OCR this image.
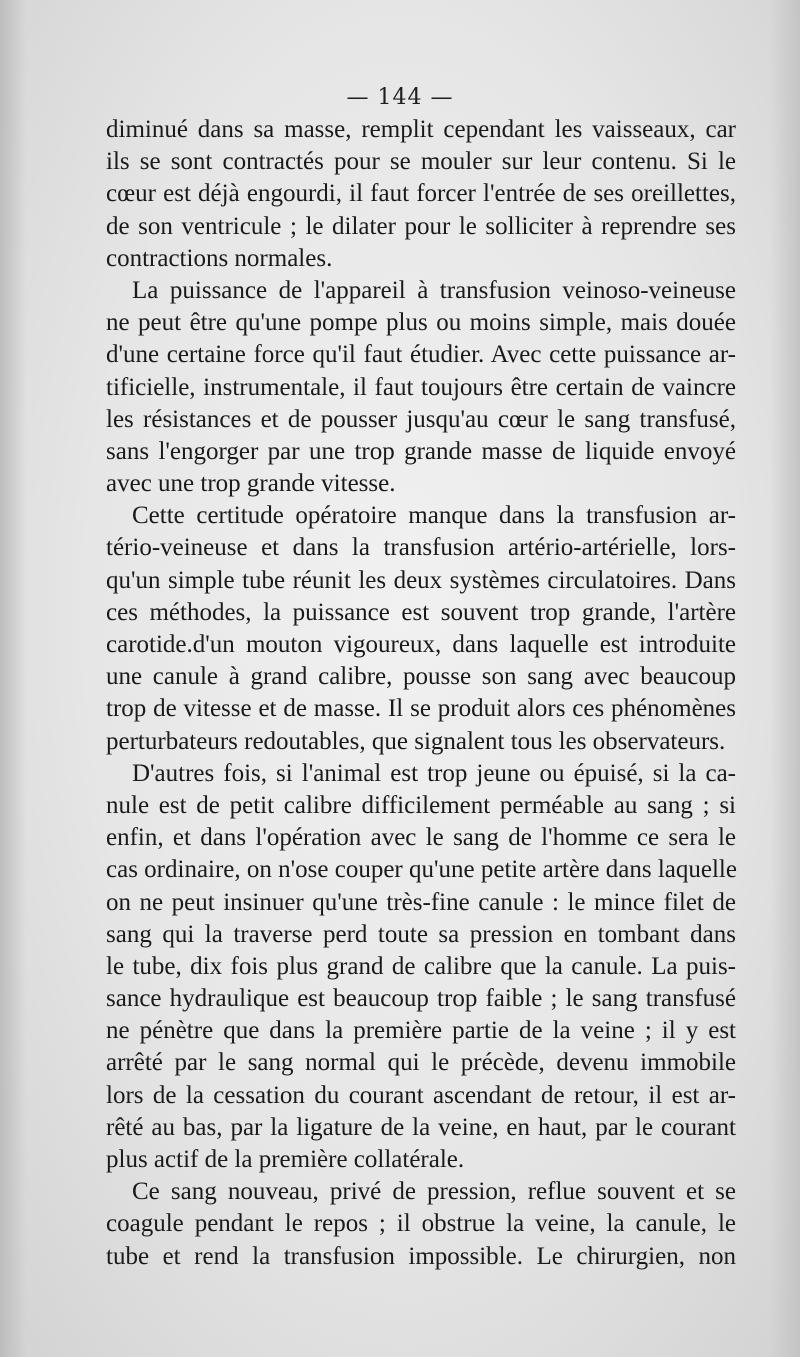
— 144 —
diminué dans sa masse, remplit cependant les vaisseaux, car
ils se sont contractés pour se mouler sur leur contenu. Si le
cœur est déjà engourdi, il faut forcer l'entrée de ses oreillettes,
de son ventricule ; le dilater pour le solliciter à reprendre ses
contractions normales.
La puissance de l'appareil à transfusion veinoso-veineuse
ne peut être qu'une pompe plus ou moins simple, mais douée
d'une certaine force qu'il faut étudier. Avec cette puissance ar-
tificielle, instrumentale, il faut toujours être certain de vaincre
les résistances et de pousser jusqu'au cœur le sang transfusé,
sans l'engorger par une trop grande masse de liquide envoyé
avec une trop grande vitesse.
Cette certitude opératoire manque dans la transfusion ar-
tério-veineuse et dans la transfusion artério-artérielle, lors-
qu'un simple tube réunit les deux systèmes circulatoires. Dans
ces méthodes, la puissance est souvent trop grande, l'artère
carotide.d'un mouton vigoureux, dans laquelle est introduite
une canule à grand calibre, pousse son sang avec beaucoup
trop de vitesse et de masse. Il se produit alors ces phénomènes
perturbateurs redoutables, que signalent tous les observateurs.
D'autres fois, si l'animal est trop jeune ou épuisé, si la ca-
nule est de petit calibre difficilement perméable au sang ; si
enfin, et dans l'opération avec le sang de l'homme ce sera le
cas ordinaire, on n'ose couper qu'une petite artère dans laquelle
on ne peut insinuer qu'une très-fine canule : le mince filet de
sang qui la traverse perd toute sa pression en tombant dans
le tube, dix fois plus grand de calibre que la canule. La puis-
sance hydraulique est beaucoup trop faible ; le sang transfusé
ne pénètre que dans la première partie de la veine ; il y est
arrêté par le sang normal qui le précède, devenu immobile
lors de la cessation du courant ascendant de retour, il est ar-
rêté au bas, par la ligature de la veine, en haut, par le courant
plus actif de la première collatérale.
Ce sang nouveau, privé de pression, reflue souvent et se
coagule pendant le repos ; il obstrue la veine, la canule, le
tube et rend la transfusion impossible. Le chirurgien, non
